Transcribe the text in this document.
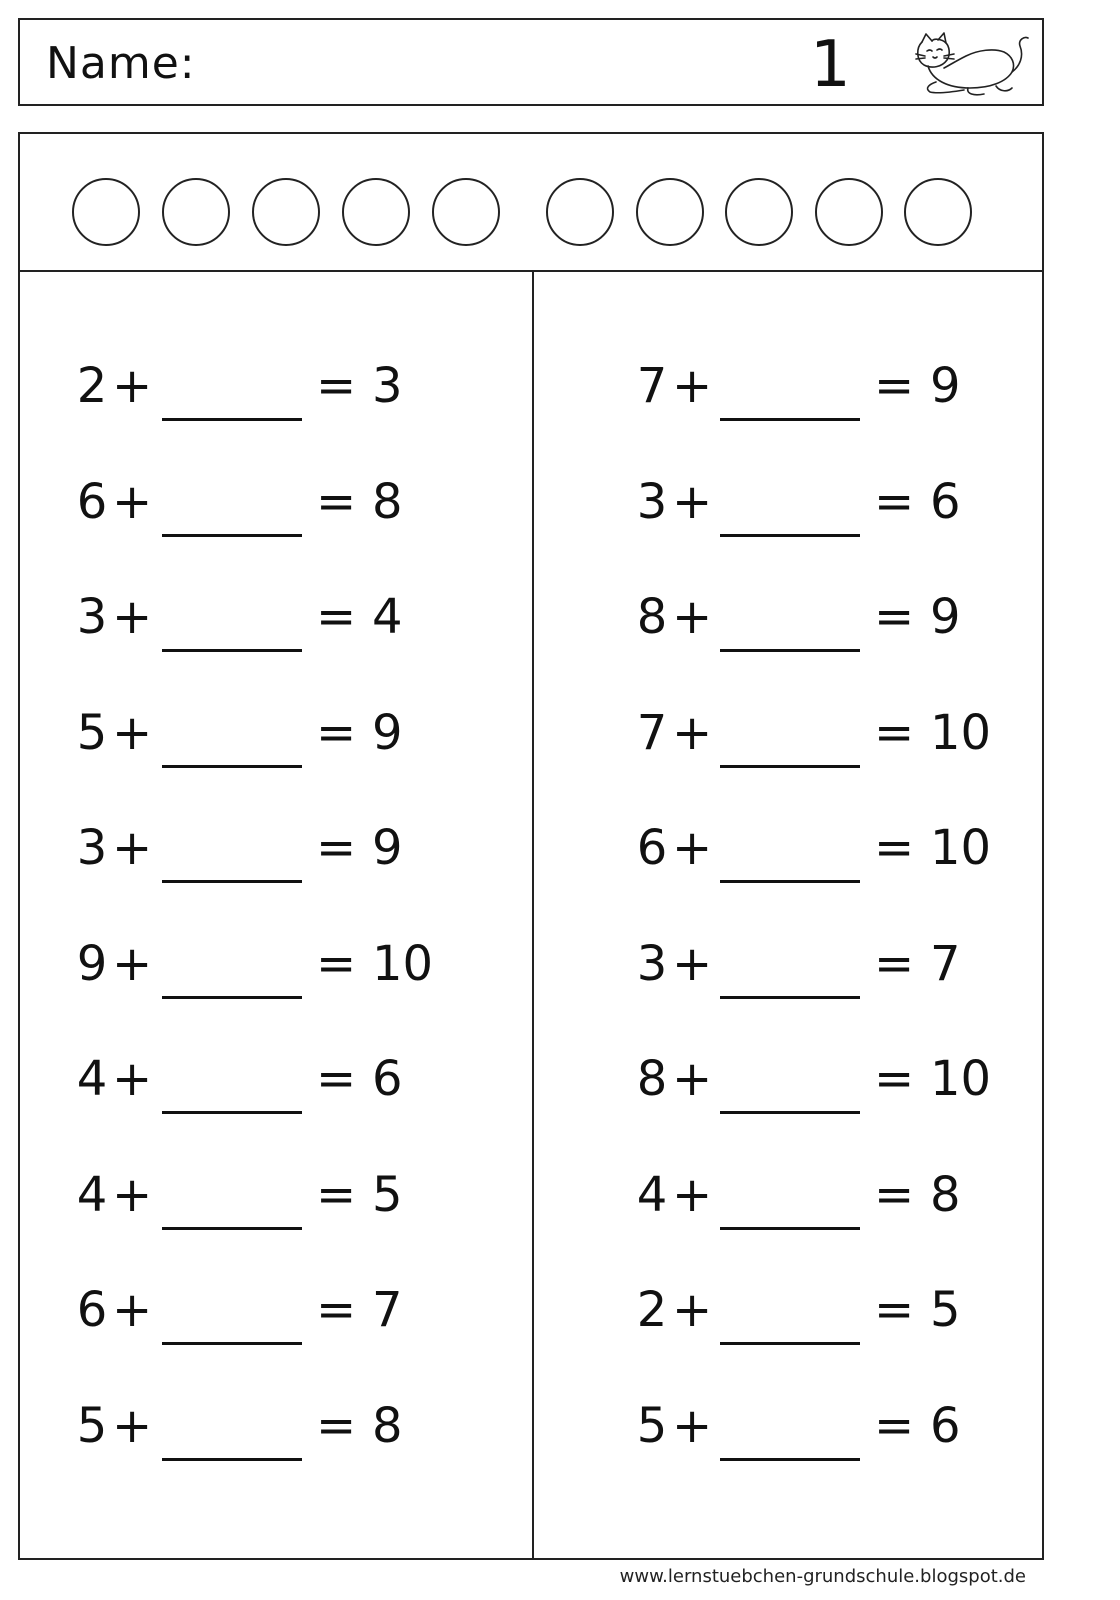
Name:	1
2 +	= 3
6 +	= 8
3 +	= 4
5 +	= 9
3 +	= 9
9 +	= 10
4 +	= 6
4 +	= 5
6 +	= 7
5 +	= 8
7 +	= 9
3 +	= 6
8 +	= 9
7 +	= 10
6 +	= 10
3 +	= 7
8 +	= 10
4 +	= 8
2 +	= 5
5 +	= 6
www.lernstuebchen-grundschule.blogspot.de
